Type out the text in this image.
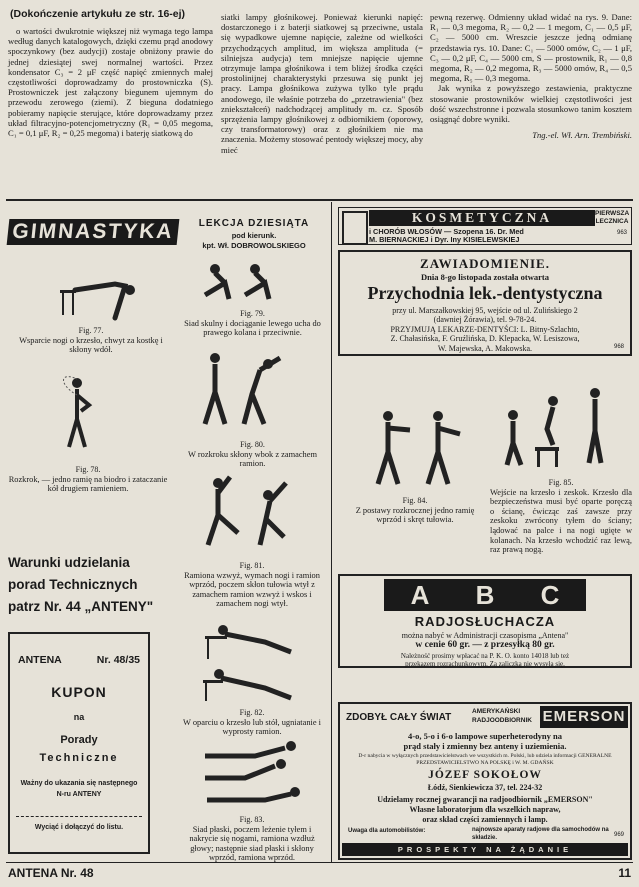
(Dokończenie artykułu ze str. 16-ej)

o wartości dwukrotnie większej niż wymaga tego lampa według danych katalogowych, dzięki czemu prąd anodowy spoczynkowy (bez audycji) zostaje obniżony prawie do jednej dziesiątej swej normalnej wartości. Przez kondensator C₃ = 2 μF część napięć zmiennych małej częstotliwości doprowadzamy do prostowniczka (S). Prostowniczek jest załączony biegunem ujemnym do przewodu zerowego (ziemi). Z bieguna dodatniego pobieramy napięcie sterujące, które doprowadzamy przez układ filtracyjno-potencjometryczny (R₁ = 0,05 megoma, C₁ = 0,1 μF, R₂ = 0,25 megoma) i baterję siatkową do

siatki lampy głośnikowej. Ponieważ kierunki napięć: dostarczonego i z baterji siatkowej są przeciwne, ustala się wypadkowe ujemne napięcie, zależne od wielkości przychodzących amplitud, im większa amplituda (= silniejsza audycja) tem mniejsze napięcie ujemne otrzymuje lampa głośnikowa i tem bliżej środka części prostolinijnej charakterystyki przesuwa się punkt jej pracy. Lampa głośnikowa zużywa tylko tyle prądu anodowego, ile właśnie potrzeba do „przetrawienia" (bez zniekształceń) nadchodzącej amplitudy m. cz. Sposób sprzężenia lampy głośnikowej z odbiornikiem (oporowy, czy transformatorowy) oraz z głośnikiem nie ma znaczenia. Możemy stosować pentody większej mocy, aby mieć

pewną rezerwę. Odmienny układ widać na rys. 9. Dane: R₁ — 0,3 megoma, R₂ — 0,2 — 1 megom, C₁ — 0,5 μF, C₂ — 5000 cm. Wreszcie jeszcze jedną odmianę przedstawia rys. 10. Dane: C₁ — 5000 omów, C₂ — 1 μF, C₃ — 0,2 μF, C₄ — 5000 cm, S — prostownik, R₁ — 0,8 megoma, R₂ — 0,2 megoma, R₃ — 5000 omów, R₄ — 0,5 megoma, R₅ — 0,3 megoma.

Jak wynika z powyższego zestawienia, praktyczne stosowanie prostowników wielkiej częstotliwości jest dość wszechstronne i pozwala stosunkowo tanim kosztem osiągnąć dobre wyniki.

Tng.-el. Wł. Arn. Trembiński.
GIMNASTYKA	LEKCJA DZIESIĄTA
pod kierunk.
kpt. Wł. DOBROWOLSKIEGO
Fig. 77.
Wsparcie nogi o krzesło, chwyt za kostkę i skłony wdół.
Fig. 78.
Rozkrok, — jedno ramię na biodro i zataczanie kół drugiem ramieniem.
Fig. 79.
Siad skulny i dociąganie lewego ucha do prawego kolana i przeciwnie.
Fig. 80.
W rozkroku skłony wbok z zamachem ramion.
Fig. 81.
Ramiona wzwyż, wymach nogi i ramion wprzód, poczem skłon tułowia wtył z zamachem ramion wzwyż i wskos i zamachem nogi wtył.
Fig. 82.
W oparciu o krzesło lub stół, ugniatanie i wyprosty ramion.
Fig. 83.
Siad płaski, poczem leżenie tyłem i nakrycie się nogami, ramiona wzdłuż głowy; następnie siad płaski i skłony wprzód, ramiona wprzód.
Fig. 84.
Z postawy rozkrocznej jedno ramię wprzód i skręt tułowia.
Fig. 85.
Wejście na krzesło i zeskok. Krzesło dla bezpieczeństwa musi być oparte poręczą o ścianę, ćwicząc zaś zawsze przy zeskoku zwrócony tyłem do ściany; lądować na palce i na nogi ugięte w kolanach. Na krzesło wchodzić raz lewą, raz prawą nogą.
Warunki udzielania
porad Technicznych
patrz Nr. 44 „ANTENY"
ANTENA	Nr. 48/35
KUPON
na
Porady
Techniczne
Ważny do ukazania się następnego N-ru ANTENY
Wyciąć i dołączyć do listu.
KOSMETYCZNA	PIERWSZA
LECZNICA
i CHORÓB WŁOSÓW — Szopena 16. Dr. Med
M. BIERNACKIEJ i Dyr. Iny KISIELEWSKIEJ
963
ZAWIADOMIENIE.
Dnia 8-go listopada została otwarta
Przychodnia lek.-dentystyczna
przy ul. Marszałkowskiej 95, wejście od ul. Zulińskiego 2
(dawniej Żórawia), tel. 9-78-24.
PRZYJMUJĄ LEKARZE-DENTYŚCI: L. Bitny-Szlachto,
Z. Chałasińska, F. Gruźlińska, D. Klepacka, W. Lesiszowa,
W. Majewska, A. Makowska.	968
A	B	C
RADJOSŁUCHACZA
można nabyć w Administracji czasopisma „Antena"
w cenie 60 gr. — z przesyłką 80 gr.
Należność prosimy wpłacać na P. K. O. konto 14018 lub też
przekazem rozrachunkowym. Za zaliczką nie wysyła się.
ZDOBYŁ CAŁY ŚWIAT
AMERYKAŃSKI
RADJOODBIORNIK EMERSON
4-o, 5-o i 6-o lampowe superheterodyny na
prąd stały i zmienny bez anteny i uziemienia.
D-r nabycia w wyłącznych przedstawicielstwach we wszystkich m. Polski, lub udziela informacji GENERALNE PRZEDSTAWICIELSTWO NA POLSKĘ i W. M. GDAŃSK
JÓZEF SOKOŁOW
Łódź, Sienkiewicza 37, tel. 224-32
Udzielamy rocznej gwarancji na radjoodbiornik „EMERSON"
Własne laboratorjum dla wszelkich napraw,
oraz skład części zamiennych i lamp.
Uwaga dla automobilistów:	najnowsze aparaty radjowe dla samochodów na składzie.	969
PROSPEKTY NA ŻĄDANIE
ANTENA Nr. 48	11
